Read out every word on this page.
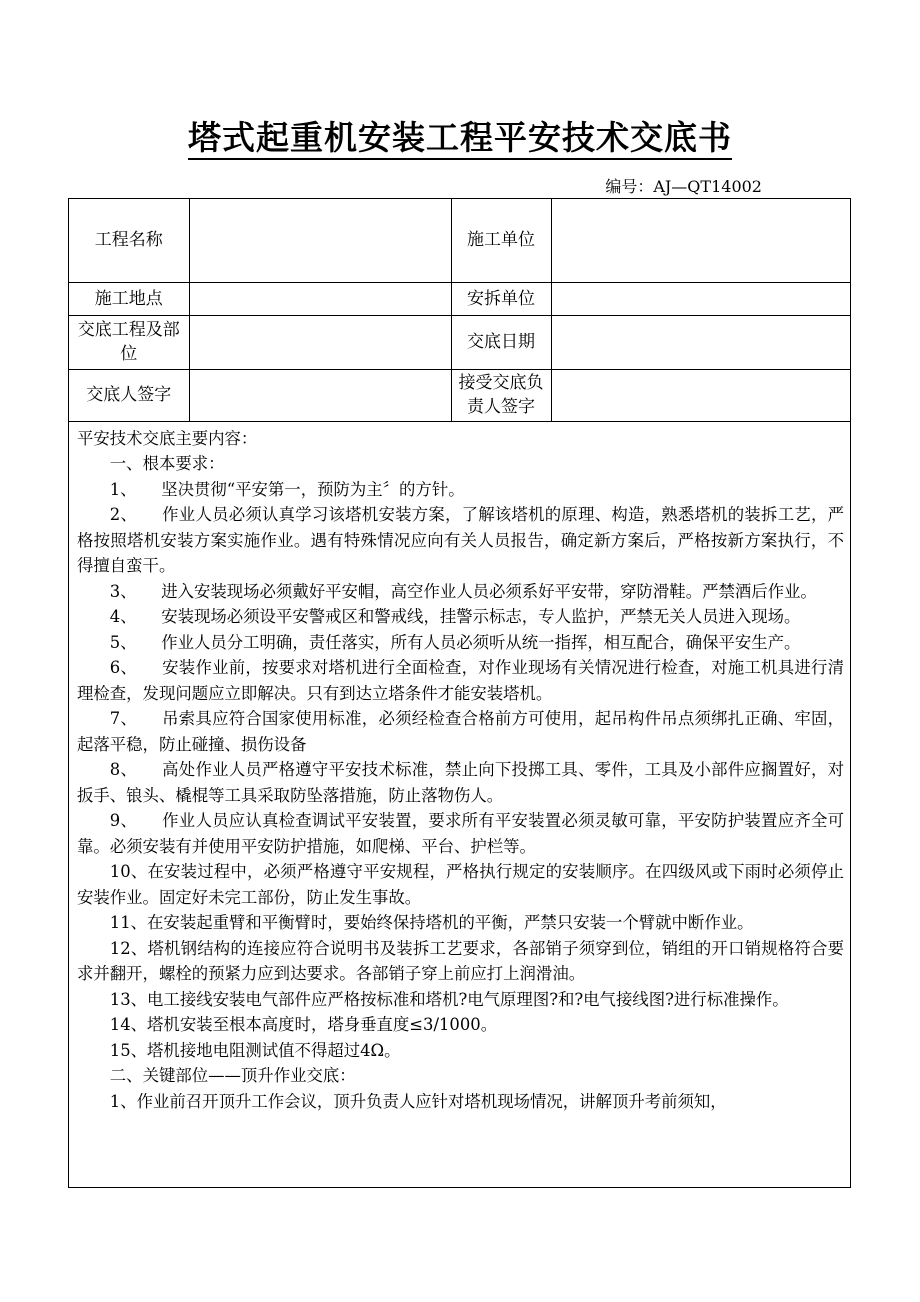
塔式起重机安装工程平安技术交底书
编号：AJ—QT14002
工程名称		施工单位	
施工地点		安拆单位	
交底工程及部位		交底日期	
交底人签字		接受交底负责人签字	

平安技术交底主要内容：

一、根本要求：

1、　　坚决贯彻“平安第一，预防为主〞的方针。

2、　　作业人员必须认真学习该塔机安装方案，了解该塔机的原理、构造，熟悉塔机的装拆工艺，严格按照塔机安装方案实施作业。遇有特殊情况应向有关人员报告，确定新方案后，严格按新方案执行，不得擅自蛮干。

3、　　进入安装现场必须戴好平安帽，高空作业人员必须系好平安带，穿防滑鞋。严禁酒后作业。

4、　　安装现场必须设平安警戒区和警戒线，挂警示标志，专人监护，严禁无关人员进入现场。

5、　　作业人员分工明确，责任落实，所有人员必须听从统一指挥，相互配合，确保平安生产。

6、　　安装作业前，按要求对塔机进行全面检查，对作业现场有关情况进行检查，对施工机具进行清理检查，发现问题应立即解决。只有到达立塔条件才能安装塔机。

7、　　吊索具应符合国家使用标准，必须经检查合格前方可使用，起吊构件吊点须绑扎正确、牢固，起落平稳，防止碰撞、损伤设备

8、　　高处作业人员严格遵守平安技术标准，禁止向下投掷工具、零件，工具及小部件应搁置好，对扳手、锒头、橇棍等工具采取防坠落措施，防止落物伤人。

9、　　作业人员应认真检查调试平安装置，要求所有平安装置必须灵敏可靠，平安防护装置应齐全可靠。必须安装有并使用平安防护措施，如爬梯、平台、护栏等。

10、在安装过程中，必须严格遵守平安规程，严格执行规定的安装顺序。在四级风或下雨时必须停止安装作业。固定好未完工部份，防止发生事故。

11、在安装起重臂和平衡臂时，要始终保持塔机的平衡，严禁只安装一个臂就中断作业。

12、塔机钢结构的连接应符合说明书及装拆工艺要求，各部销子须穿到位，销组的开口销规格符合要求并翻开，螺栓的预紧力应到达要求。各部销子穿上前应打上润滑油。

13、电工接线安装电气部件应严格按标准和塔机?电气原理图?和?电气接线图?进行标准操作。

14、塔机安装至根本高度时，塔身垂直度≤3/1000。

15、塔机接地电阻测试值不得超过4Ω。

二、关键部位——顶升作业交底：

1、作业前召开顶升工作会议，顶升负责人应针对塔机现场情况，讲解顶升考前须知，
